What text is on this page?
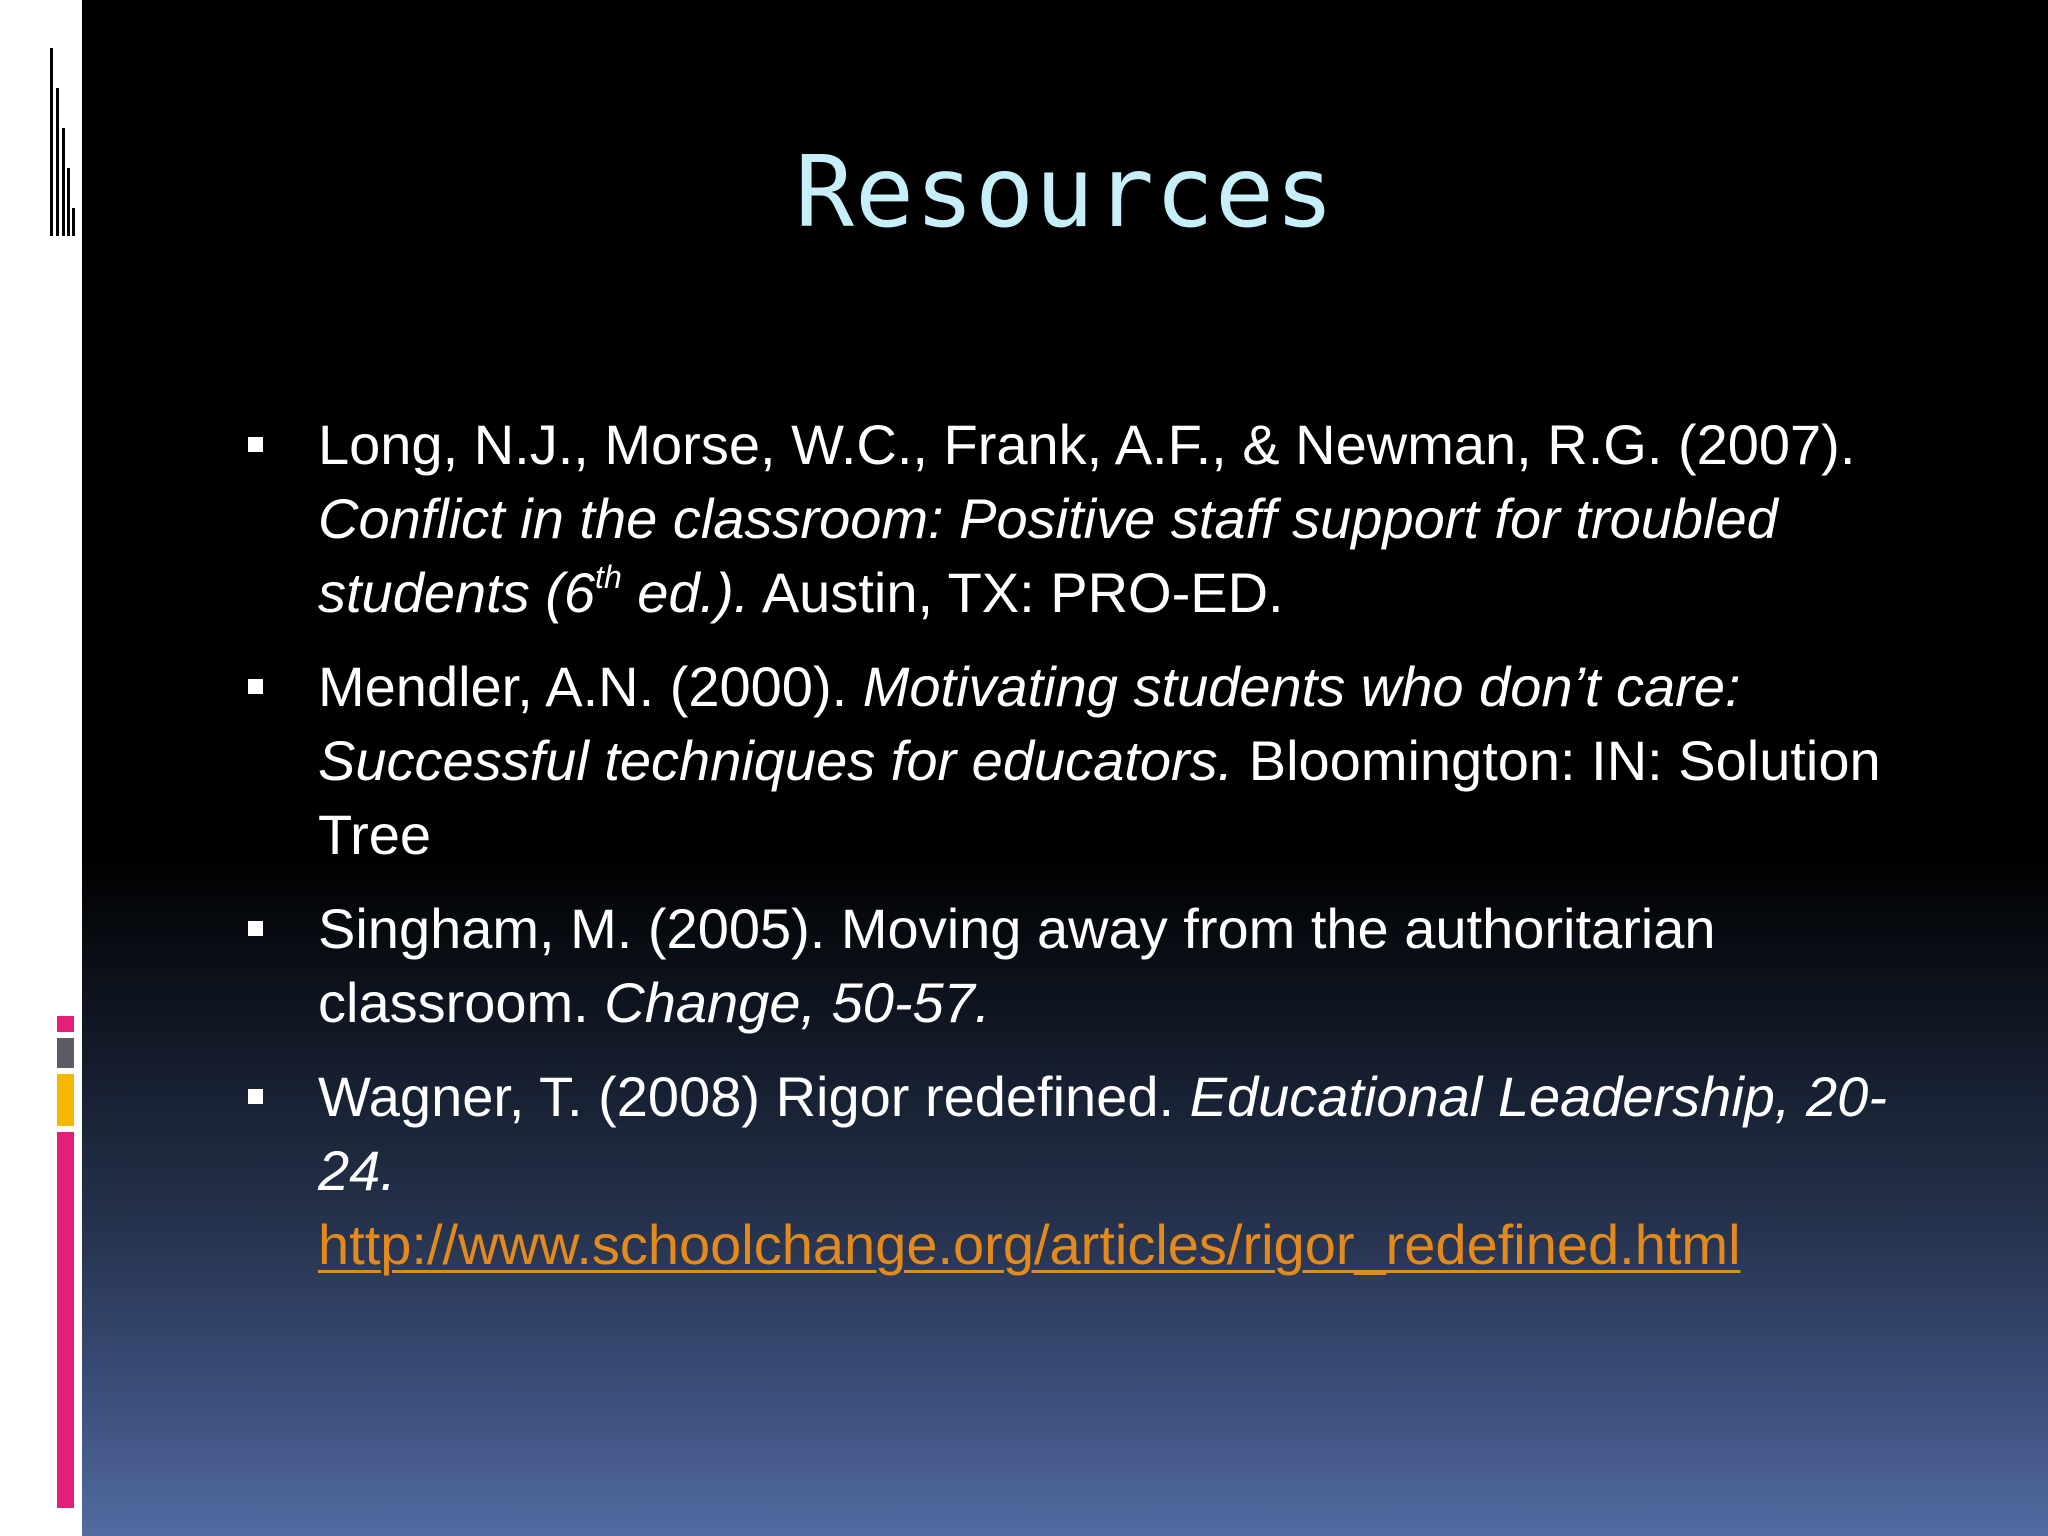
Resources
Long, N.J., Morse, W.C., Frank, A.F., & Newman, R.G. (2007). Conflict in the classroom: Positive staff support for troubled students (6th ed.). Austin, TX: PRO-ED.
Mendler, A.N. (2000). Motivating students who don’t care: Successful techniques for educators. Bloomington: IN: Solution Tree
Singham, M. (2005). Moving away from the authoritarian classroom. Change, 50-57.
Wagner, T. (2008) Rigor redefined. Educational Leadership, 20-24.
http://www.schoolchange.org/articles/rigor_redefined.html
